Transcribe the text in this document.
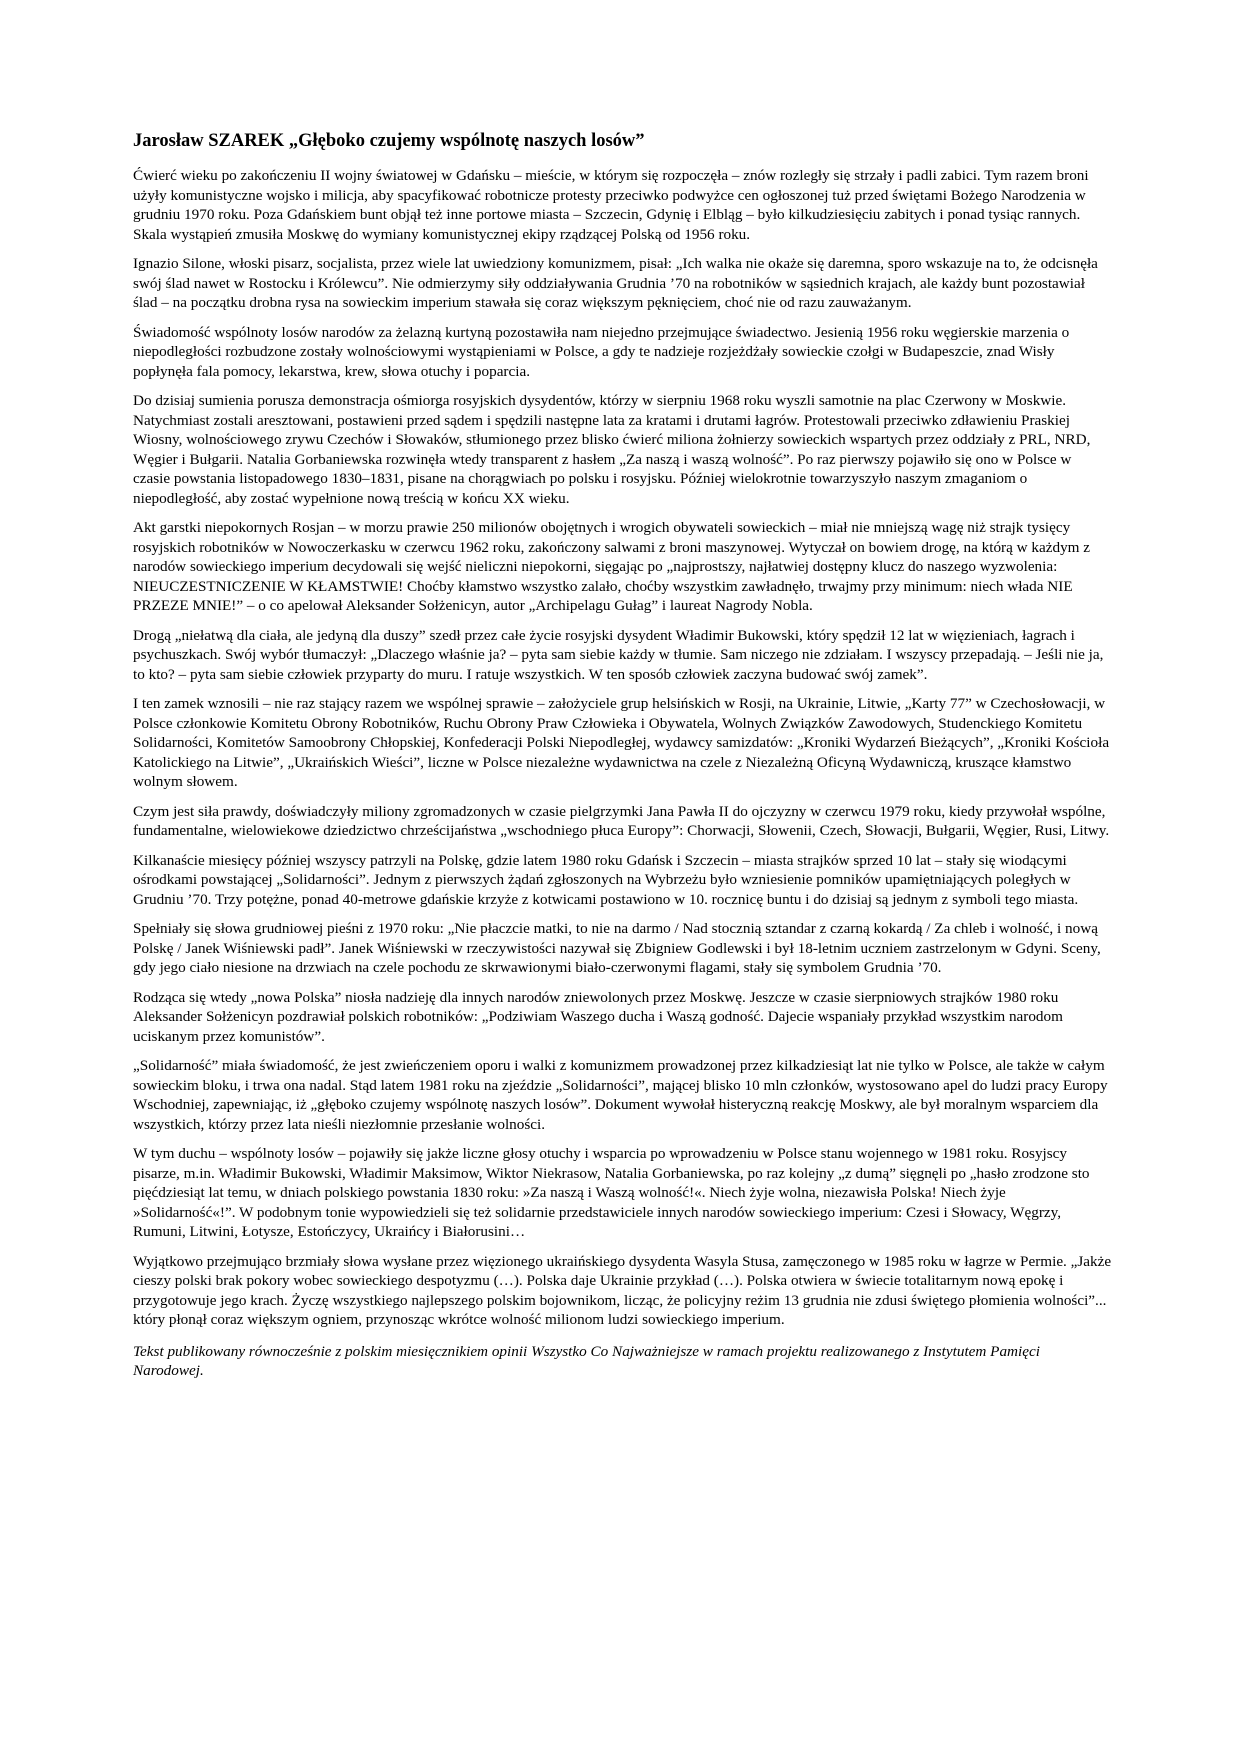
Jarosław SZAREK „Głęboko czujemy wspólnotę naszych losów”

Ćwierć wieku po zakończeniu II wojny światowej w Gdańsku – mieście, w którym się rozpoczęła – znów rozległy się strzały i padli zabici. Tym razem broni użyły komunistyczne wojsko i milicja, aby spacyfikować robotnicze protesty przeciwko podwyżce cen ogłoszonej tuż przed świętami Bożego Narodzenia w grudniu 1970 roku. Poza Gdańskiem bunt objął też inne portowe miasta – Szczecin, Gdynię i Elbląg – było kilkudziesięciu zabitych i ponad tysiąc rannych. Skala wystąpień zmusiła Moskwę do wymiany komunistycznej ekipy rządzącej Polską od 1956 roku.

Ignazio Silone, włoski pisarz, socjalista, przez wiele lat uwiedziony komunizmem, pisał: „Ich walka nie okaże się daremna, sporo wskazuje na to, że odcisnęła swój ślad nawet w Rostocku i Królewcu”. Nie odmierzymy siły oddziaływania Grudnia ’70 na robotników w sąsiednich krajach, ale każdy bunt pozostawiał ślad – na początku drobna rysa na sowieckim imperium stawała się coraz większym pęknięciem, choć nie od razu zauważanym.

Świadomość wspólnoty losów narodów za żelazną kurtyną pozostawiła nam niejedno przejmujące świadectwo. Jesienią 1956 roku węgierskie marzenia o niepodległości rozbudzone zostały wolnościowymi wystąpieniami w Polsce, a gdy te nadzieje rozjeżdżały sowieckie czołgi w Budapeszcie, znad Wisły popłynęła fala pomocy, lekarstwa, krew, słowa otuchy i poparcia.

Do dzisiaj sumienia porusza demonstracja ośmiorga rosyjskich dysydentów, którzy w sierpniu 1968 roku wyszli samotnie na plac Czerwony w Moskwie. Natychmiast zostali aresztowani, postawieni przed sądem i spędzili następne lata za kratami i drutami łagrów. Protestowali przeciwko zdławieniu Praskiej Wiosny, wolnościowego zrywu Czechów i Słowaków, stłumionego przez blisko ćwierć miliona żołnierzy sowieckich wspartych przez oddziały z PRL, NRD, Węgier i Bułgarii. Natalia Gorbaniewska rozwinęła wtedy transparent z hasłem „Za naszą i waszą wolność”. Po raz pierwszy pojawiło się ono w Polsce w czasie powstania listopadowego 1830–1831, pisane na chorągwiach po polsku i rosyjsku. Później wielokrotnie towarzyszyło naszym zmaganiom o niepodległość, aby zostać wypełnione nową treścią w końcu XX wieku.

Akt garstki niepokornych Rosjan – w morzu prawie 250 milionów obojętnych i wrogich obywateli sowieckich – miał nie mniejszą wagę niż strajk tysięcy rosyjskich robotników w Nowoczerkasku w czerwcu 1962 roku, zakończony salwami z broni maszynowej. Wytyczał on bowiem drogę, na którą w każdym z narodów sowieckiego imperium decydowali się wejść nieliczni niepokorni, sięgając po „najprostszy, najłatwiej dostępny klucz do naszego wyzwolenia: NIEUCZESTNICZENIE W KŁAMSTWIE! Choćby kłamstwo wszystko zalało, choćby wszystkim zawładnęło, trwajmy przy minimum: niech włada NIE PRZEZE MNIE!” – o co apelował Aleksander Sołżenicyn, autor „Archipelagu Gułag” i laureat Nagrody Nobla.

Drogą „niełatwą dla ciała, ale jedyną dla duszy” szedł przez całe życie rosyjski dysydent Władimir Bukowski, który spędził 12 lat w więzieniach, łagrach i psychuszkach. Swój wybór tłumaczył: „Dlaczego właśnie ja? – pyta sam siebie każdy w tłumie. Sam niczego nie zdziałam. I wszyscy przepadają. – Jeśli nie ja, to kto? – pyta sam siebie człowiek przyparty do muru. I ratuje wszystkich. W ten sposób człowiek zaczyna budować swój zamek”.

I ten zamek wznosili – nie raz stający razem we wspólnej sprawie – założyciele grup helsińskich w Rosji, na Ukrainie, Litwie, „Karty 77” w Czechosłowacji, w Polsce członkowie Komitetu Obrony Robotników, Ruchu Obrony Praw Człowieka i Obywatela, Wolnych Związków Zawodowych, Studenckiego Komitetu Solidarności, Komitetów Samoobrony Chłopskiej, Konfederacji Polski Niepodległej, wydawcy samizdatów: „Kroniki Wydarzeń Bieżących”, „Kroniki Kościoła Katolickiego na Litwie”, „Ukraińskich Wieści”, liczne w Polsce niezależne wydawnictwa na czele z Niezależną Oficyną Wydawniczą, kruszące kłamstwo wolnym słowem.

Czym jest siła prawdy, doświadczyły miliony zgromadzonych w czasie pielgrzymki Jana Pawła II do ojczyzny w czerwcu 1979 roku, kiedy przywołał wspólne, fundamentalne, wielowiekowe dziedzictwo chrześcijaństwa „wschodniego płuca Europy”: Chorwacji, Słowenii, Czech, Słowacji, Bułgarii, Węgier, Rusi, Litwy.

Kilkanaście miesięcy później wszyscy patrzyli na Polskę, gdzie latem 1980 roku Gdańsk i Szczecin – miasta strajków sprzed 10 lat – stały się wiodącymi ośrodkami powstającej „Solidarności”. Jednym z pierwszych żądań zgłoszonych na Wybrzeżu było wzniesienie pomników upamiętniających poległych w Grudniu ’70. Trzy potężne, ponad 40-metrowe gdańskie krzyże z kotwicami postawiono w 10. rocznicę buntu i do dzisiaj są jednym z symboli tego miasta.

Spełniały się słowa grudniowej pieśni z 1970 roku: „Nie płaczcie matki, to nie na darmo / Nad stocznią sztandar z czarną kokardą / Za chleb i wolność, i nową Polskę / Janek Wiśniewski padł”. Janek Wiśniewski w rzeczywistości nazywał się Zbigniew Godlewski i był 18-letnim uczniem zastrzelonym w Gdyni. Sceny, gdy jego ciało niesione na drzwiach na czele pochodu ze skrwawionymi biało-czerwonymi flagami, stały się symbolem Grudnia ’70.

Rodząca się wtedy „nowa Polska” niosła nadzieję dla innych narodów zniewolonych przez Moskwę. Jeszcze w czasie sierpniowych strajków 1980 roku Aleksander Sołżenicyn pozdrawiał polskich robotników: „Podziwiam Waszego ducha i Waszą godność. Dajecie wspaniały przykład wszystkim narodom uciskanym przez komunistów”.

„Solidarność” miała świadomość, że jest zwieńczeniem oporu i walki z komunizmem prowadzonej przez kilkadziesiąt lat nie tylko w Polsce, ale także w całym sowieckim bloku, i trwa ona nadal. Stąd latem 1981 roku na zjeździe „Solidarności”, mającej blisko 10 mln członków, wystosowano apel do ludzi pracy Europy Wschodniej, zapewniając, iż „głęboko czujemy wspólnotę naszych losów”. Dokument wywołał histeryczną reakcję Moskwy, ale był moralnym wsparciem dla wszystkich, którzy przez lata nieśli niezłomnie przesłanie wolności.

W tym duchu – wspólnoty losów – pojawiły się jakże liczne głosy otuchy i wsparcia po wprowadzeniu w Polsce stanu wojennego w 1981 roku. Rosyjscy pisarze, m.in. Władimir Bukowski, Władimir Maksimow, Wiktor Niekrasow, Natalia Gorbaniewska, po raz kolejny „z dumą” sięgnęli po „hasło zrodzone sto pięćdziesiąt lat temu, w dniach polskiego powstania 1830 roku: »Za naszą i Waszą wolność!«. Niech żyje wolna, niezawisła Polska! Niech żyje »Solidarność«!”. W podobnym tonie wypowiedzieli się też solidarnie przedstawiciele innych narodów sowieckiego imperium: Czesi i Słowacy, Węgrzy, Rumuni, Litwini, Łotysze, Estończycy, Ukraińcy i Białorusini…

Wyjątkowo przejmująco brzmiały słowa wysłane przez więzionego ukraińskiego dysydenta Wasyla Stusa, zamęczonego w 1985 roku w łagrze w Permie. „Jakże cieszy polski brak pokory wobec sowieckiego despotyzmu (…). Polska daje Ukrainie przykład (…). Polska otwiera w świecie totalitarnym nową epokę i przygotowuje jego krach. Życzę wszystkiego najlepszego polskim bojownikom, licząc, że policyjny reżim 13 grudnia nie zdusi świętego płomienia wolności”... który płonął coraz większym ogniem, przynosząc wkrótce wolność milionom ludzi sowieckiego imperium.

Tekst publikowany równocześnie z polskim miesięcznikiem opinii Wszystko Co Najważniejsze w ramach projektu realizowanego z Instytutem Pamięci Narodowej.
